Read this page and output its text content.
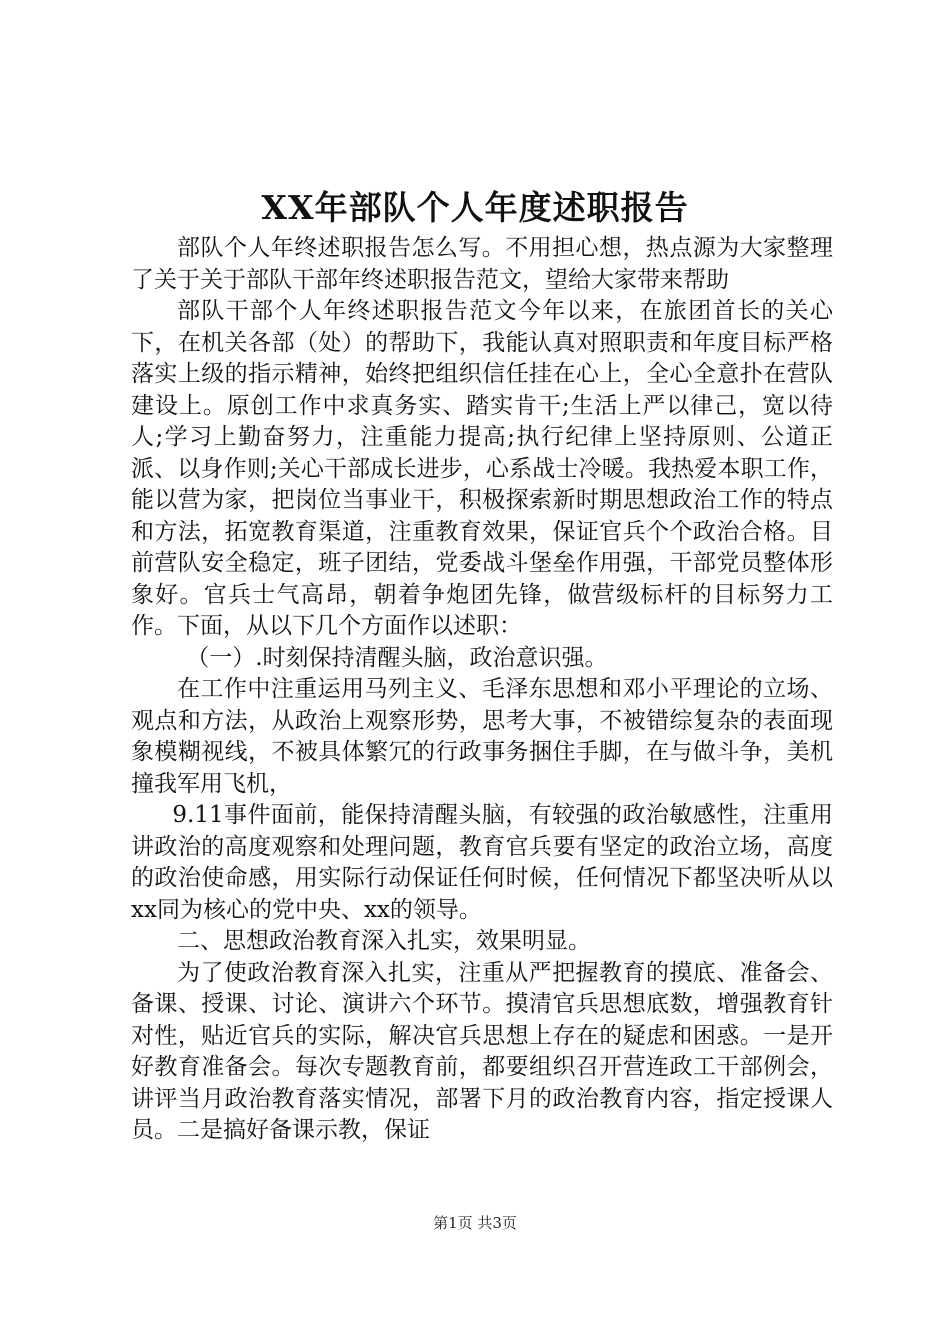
XX年部队个人年度述职报告

部队个人年终述职报告怎么写。不用担心想，热点源为大家整理了关于关于部队干部年终述职报告范文，望给大家带来帮助

部队干部个人年终述职报告范文今年以来，在旅团首长的关心下，在机关各部（处）的帮助下，我能认真对照职责和年度目标严格落实上级的指示精神，始终把组织信任挂在心上，全心全意扑在营队建设上。原创工作中求真务实、踏实肯干;生活上严以律己，宽以待人;学习上勤奋努力，注重能力提高;执行纪律上坚持原则、公道正派、以身作则;关心干部成长进步，心系战士冷暖。我热爱本职工作，能以营为家，把岗位当事业干，积极探索新时期思想政治工作的特点和方法，拓宽教育渠道，注重教育效果，保证官兵个个政治合格。目前营队安全稳定，班子团结，党委战斗堡垒作用强，干部党员整体形象好。官兵士气高昂，朝着争炮团先锋，做营级标杆的目标努力工作。下面，从以下几个方面作以述职：

（一）.时刻保持清醒头脑，政治意识强。

在工作中注重运用马列主义、毛泽东思想和邓小平理论的立场、观点和方法，从政治上观察形势，思考大事，不被错综复杂的表面现象模糊视线，不被具体繁冗的行政事务捆住手脚，在与做斗争，美机撞我军用飞机，

9.11事件面前，能保持清醒头脑，有较强的政治敏感性，注重用讲政治的高度观察和处理问题，教育官兵要有坚定的政治立场，高度的政治使命感，用实际行动保证任何时候，任何情况下都坚决听从以xx同为核心的党中央、xx的领导。

二、思想政治教育深入扎实，效果明显。

为了使政治教育深入扎实，注重从严把握教育的摸底、准备会、备课、授课、讨论、演讲六个环节。摸清官兵思想底数，增强教育针对性，贴近官兵的实际，解决官兵思想上存在的疑虑和困惑。一是开好教育准备会。每次专题教育前，都要组织召开营连政工干部例会，讲评当月政治教育落实情况，部署下月的政治教育内容，指定授课人员。二是搞好备课示教，保证

第1页 共3页
